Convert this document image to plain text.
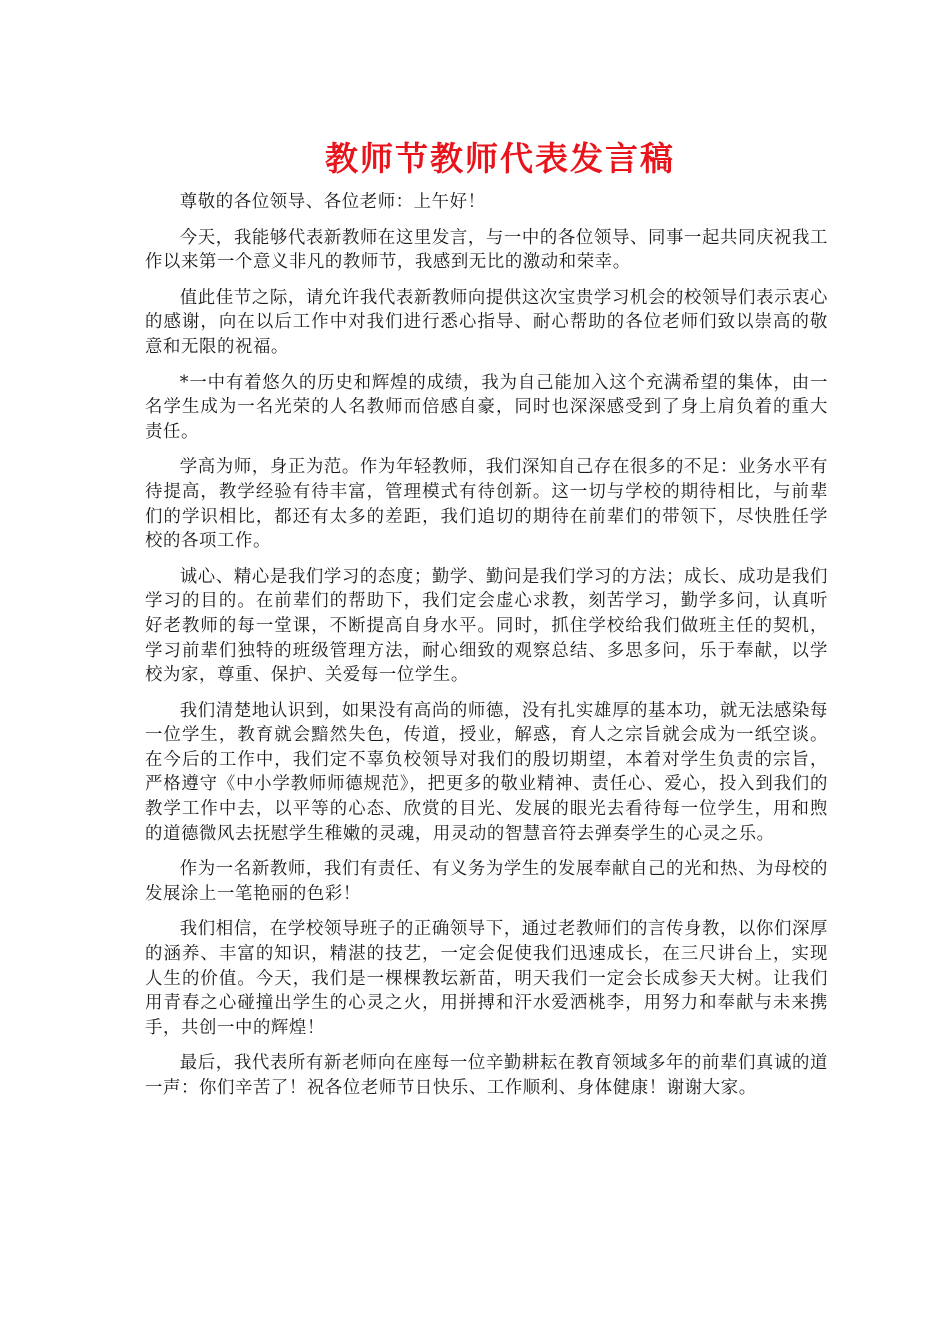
教师节教师代表发言稿

尊敬的各位领导、各位老师：上午好！

今天，我能够代表新教师在这里发言，与一中的各位领导、同事一起共同庆祝我工作以来第一个意义非凡的教师节，我感到无比的激动和荣幸。

值此佳节之际，请允许我代表新教师向提供这次宝贵学习机会的校领导们表示衷心的感谢，向在以后工作中对我们进行悉心指导、耐心帮助的各位老师们致以崇高的敬意和无限的祝福。

*一中有着悠久的历史和辉煌的成绩，我为自己能加入这个充满希望的集体，由一名学生成为一名光荣的人名教师而倍感自豪，同时也深深感受到了身上肩负着的重大责任。

学高为师，身正为范。作为年轻教师，我们深知自己存在很多的不足：业务水平有待提高，教学经验有待丰富，管理模式有待创新。这一切与学校的期待相比，与前辈们的学识相比，都还有太多的差距，我们追切的期待在前辈们的带领下，尽快胜任学校的各项工作。

诚心、精心是我们学习的态度；勤学、勤问是我们学习的方法；成长、成功是我们学习的目的。在前辈们的帮助下，我们定会虚心求教，刻苦学习，勤学多问，认真听好老教师的每一堂课，不断提高自身水平。同时，抓住学校给我们做班主任的契机，学习前辈们独特的班级管理方法，耐心细致的观察总结、多思多问，乐于奉献，以学校为家，尊重、保护、关爱每一位学生。

我们清楚地认识到，如果没有高尚的师德，没有扎实雄厚的基本功，就无法感染每一位学生，教育就会黯然失色，传道，授业，解惑，育人之宗旨就会成为一纸空谈。在今后的工作中，我们定不辜负校领导对我们的殷切期望，本着对学生负责的宗旨，严格遵守《中小学教师师德规范》，把更多的敬业精神、责任心、爱心，投入到我们的教学工作中去，以平等的心态、欣赏的目光、发展的眼光去看待每一位学生，用和煦的道德微风去抚慰学生稚嫩的灵魂，用灵动的智慧音符去弹奏学生的心灵之乐。

作为一名新教师，我们有责任、有义务为学生的发展奉献自己的光和热、为母校的发展涂上一笔艳丽的色彩！

我们相信，在学校领导班子的正确领导下，通过老教师们的言传身教，以你们深厚的涵养、丰富的知识，精湛的技艺，一定会促使我们迅速成长，在三尺讲台上，实现人生的价值。今天，我们是一棵棵教坛新苗，明天我们一定会长成参天大树。让我们用青春之心碰撞出学生的心灵之火，用拼搏和汗水爱洒桃李，用努力和奉献与未来携手，共创一中的辉煌！

最后，我代表所有新老师向在座每一位辛勤耕耘在教育领域多年的前辈们真诚的道一声：你们辛苦了！祝各位老师节日快乐、工作顺利、身体健康！谢谢大家。
